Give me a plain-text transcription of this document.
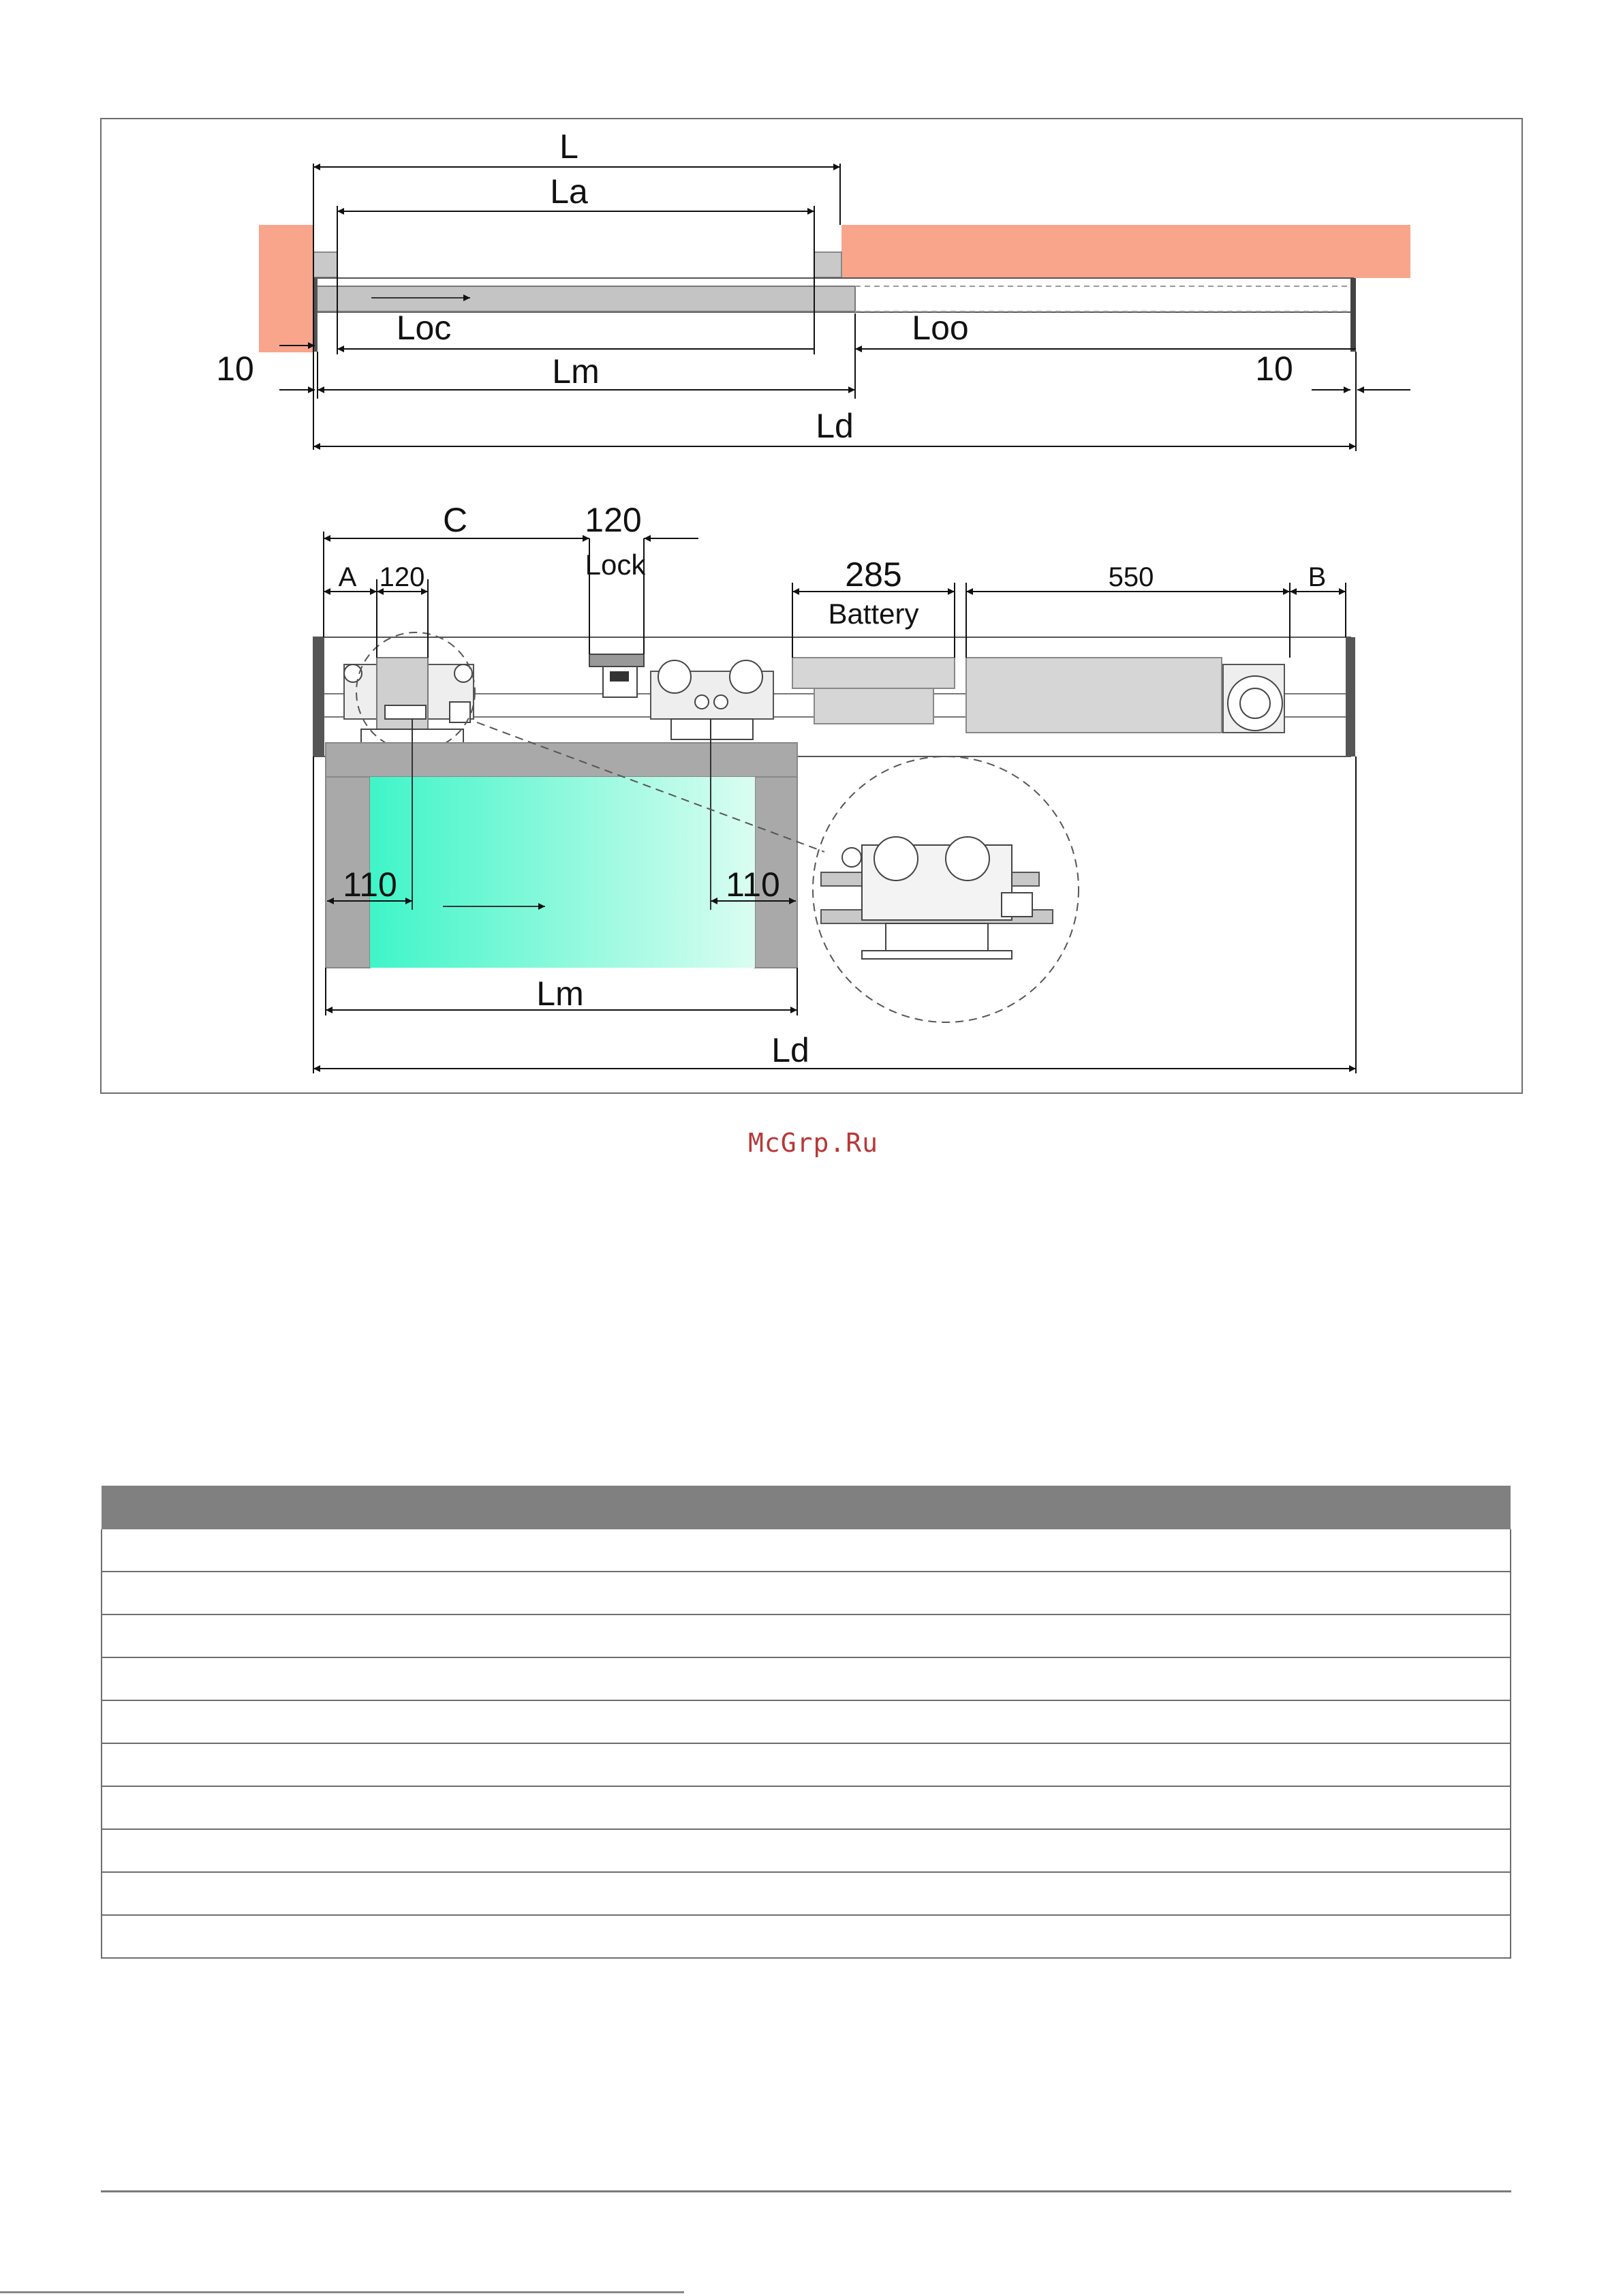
L
La
Loc	Loo
10	Lm	10
Ld
C	120
Lock
A 120	285
Battery
550	B
110	110
Lm
Ld
McGrp.Ru
